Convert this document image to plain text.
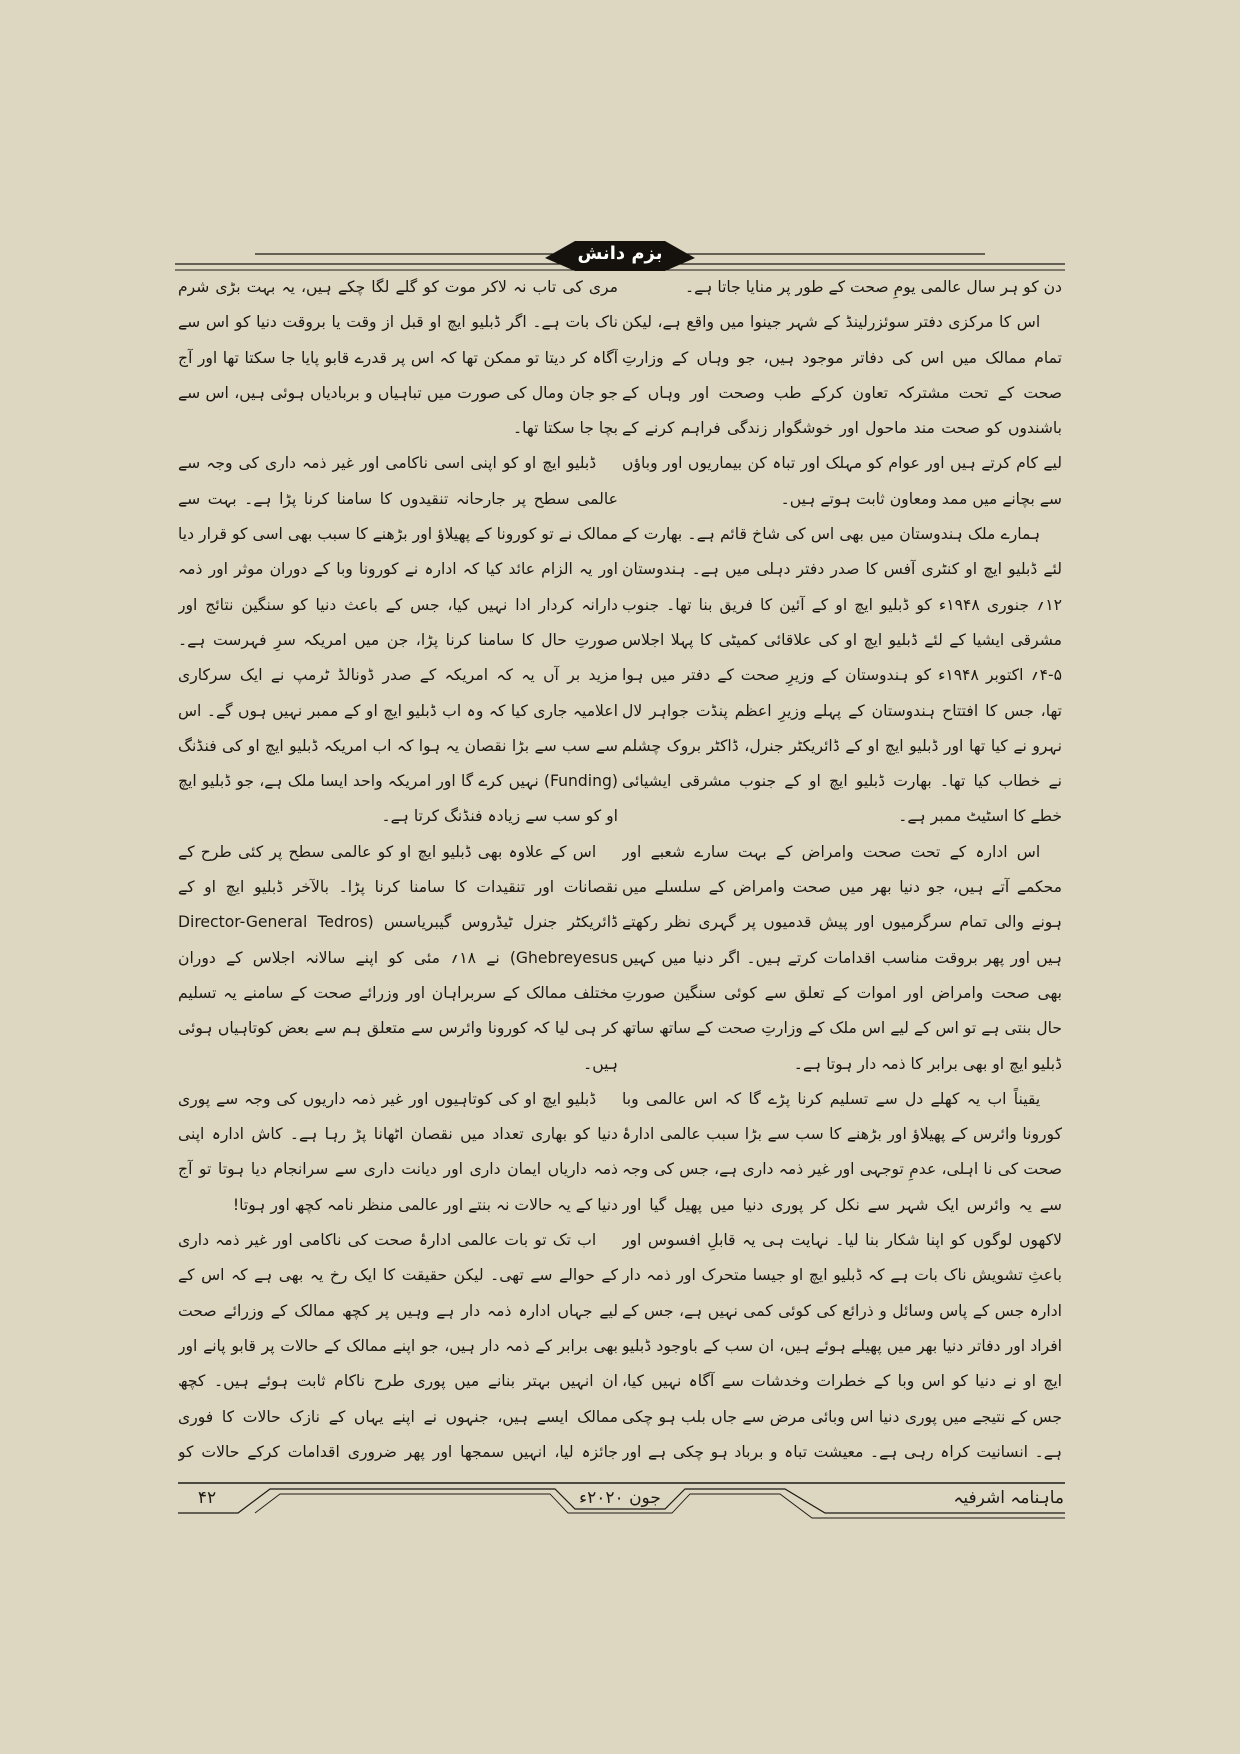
بزم دانش

دن کو ہر سال عالمی یومِ صحت کے طور پر منایا جاتا ہے۔

اس کا مرکزی دفتر سوئزرلینڈ کے شہر جینوا میں واقع ہے، لیکن تمام ممالک میں اس کی دفاتر موجود ہیں، جو وہاں کے وزارتِ صحت کے تحت مشترکہ تعاون کرکے طب وصحت اور وہاں کے باشندوں کو صحت مند ماحول اور خوشگوار زندگی فراہم کرنے کے لیے کام کرتے ہیں اور عوام کو مہلک اور تباہ کن بیماریوں اور وباؤں سے بچانے میں ممد ومعاون ثابت ہوتے ہیں۔

ہمارے ملک ہندوستان میں بھی اس کی شاخ قائم ہے۔ بھارت کے لئے ڈبلیو ایچ او کنٹری آفس کا صدر دفتر دہلی میں ہے۔ ہندوستان ۱۲؍ جنوری ۱۹۴۸ء کو ڈبلیو ایچ او کے آئین کا فریق بنا تھا۔ جنوب مشرقی ایشیا کے لئے ڈبلیو ایچ او کی علاقائی کمیٹی کا پہلا اجلاس ۵-۴؍ اکتوبر ۱۹۴۸ء کو ہندوستان کے وزیرِ صحت کے دفتر میں ہوا تھا، جس کا افتتاح ہندوستان کے پہلے وزیرِ اعظم پنڈت جواہر لال نہرو نے کیا تھا اور ڈبلیو ایچ او کے ڈائریکٹر جنرل، ڈاکٹر بروک چشلم نے خطاب کیا تھا۔ بھارت ڈبلیو ایچ او کے جنوب مشرقی ایشیائی خطے کا اسٹیٹ ممبر ہے۔

اس ادارہ کے تحت صحت وامراض کے بہت سارے شعبے اور محکمے آتے ہیں، جو دنیا بھر میں صحت وامراض کے سلسلے میں ہونے والی تمام سرگرمیوں اور پیش قدمیوں پر گہری نظر رکھتے ہیں اور پھر بروقت مناسب اقدامات کرتے ہیں۔ اگر دنیا میں کہیں بھی صحت وامراض اور اموات کے تعلق سے کوئی سنگین صورتِ حال بنتی ہے تو اس کے لیے اس ملک کے وزارتِ صحت کے ساتھ ساتھ ڈبلیو ایچ او بھی برابر کا ذمہ دار ہوتا ہے۔

یقیناً اب یہ کھلے دل سے تسلیم کرنا پڑے گا کہ اس عالمی وبا کورونا وائرس کے پھیلاؤ اور بڑھنے کا سب سے بڑا سبب عالمی ادارۂ صحت کی نا اہلی، عدمِ توجہی اور غیر ذمہ داری ہے، جس کی وجہ سے یہ وائرس ایک شہر سے نکل کر پوری دنیا میں پھیل گیا اور لاکھوں لوگوں کو اپنا شکار بنا لیا۔ نہایت ہی یہ قابلِ افسوس اور باعثِ تشویش ناک بات ہے کہ ڈبلیو ایچ او جیسا متحرک اور ذمہ دار ادارہ جس کے پاس وسائل و ذرائع کی کوئی کمی نہیں ہے، جس کے افراد اور دفاتر دنیا بھر میں پھیلے ہوئے ہیں، ان سب کے باوجود ڈبلیو ایچ او نے دنیا کو اس وبا کے خطرات وخدشات سے آگاہ نہیں کیا، جس کے نتیجے میں پوری دنیا اس وبائی مرض سے جاں بلب ہو چکی ہے۔ انسانیت کراہ رہی ہے۔ معیشت تباہ و برباد ہو چکی ہے اور

مری کی تاب نہ لاکر موت کو گلے لگا چکے ہیں، یہ بہت بڑی شرم ناک بات ہے۔ اگر ڈبلیو ایچ او قبل از وقت یا بروقت دنیا کو اس سے آگاہ کر دیتا تو ممکن تھا کہ اس پر قدرے قابو پایا جا سکتا تھا اور آج جو جان ومال کی صورت میں تباہیاں و بربادیاں ہوئی ہیں، اس سے بچا جا سکتا تھا۔

ڈبلیو ایچ او کو اپنی اسی ناکامی اور غیر ذمہ داری کی وجہ سے عالمی سطح پر جارحانہ تنقیدوں کا سامنا کرنا پڑا ہے۔ بہت سے ممالک نے تو کورونا کے پھیلاؤ اور بڑھنے کا سبب بھی اسی کو قرار دیا اور یہ الزام عائد کیا کہ ادارہ نے کورونا وبا کے دوران موثر اور ذمہ دارانہ کردار ادا نہیں کیا، جس کے باعث دنیا کو سنگین نتائج اور صورتِ حال کا سامنا کرنا پڑا، جن میں امریکہ سرِ فہرست ہے۔ مزید بر آں یہ کہ امریکہ کے صدر ڈونالڈ ٹرمپ نے ایک سرکاری اعلامیہ جاری کیا کہ وہ اب ڈبلیو ایچ او کے ممبر نہیں ہوں گے۔ اس سے سب سے بڑا نقصان یہ ہوا کہ اب امریکہ ڈبلیو ایچ او کی فنڈنگ (Funding) نہیں کرے گا اور امریکہ واحد ایسا ملک ہے، جو ڈبلیو ایچ او کو سب سے زیادہ فنڈنگ کرتا ہے۔

اس کے علاوہ بھی ڈبلیو ایچ او کو عالمی سطح پر کئی طرح کے نقصانات اور تنقیدات کا سامنا کرنا پڑا۔ بالآخر ڈبلیو ایچ او کے ڈائریکٹر جنرل ٹیڈروس گیبریاسس (Director-General Tedros Ghebreyesus) نے ۱۸؍ مئی کو اپنے سالانہ اجلاس کے دوران مختلف ممالک کے سربراہان اور وزرائے صحت کے سامنے یہ تسلیم کر ہی لیا کہ کورونا وائرس سے متعلق ہم سے بعض کوتاہیاں ہوئی ہیں۔

ڈبلیو ایچ او کی کوتاہیوں اور غیر ذمہ داریوں کی وجہ سے پوری دنیا کو بھاری تعداد میں نقصان اٹھانا پڑ رہا ہے۔ کاش ادارہ اپنی ذمہ داریاں ایمان داری اور دیانت داری سے سرانجام دیا ہوتا تو آج دنیا کے یہ حالات نہ بنتے اور عالمی منظر نامہ کچھ اور ہوتا!

اب تک تو بات عالمی ادارۂ صحت کی ناکامی اور غیر ذمہ داری کے حوالے سے تھی۔ لیکن حقیقت کا ایک رخ یہ بھی ہے کہ اس کے لیے جہاں ادارہ ذمہ دار ہے وہیں پر کچھ ممالک کے وزرائے صحت بھی برابر کے ذمہ دار ہیں، جو اپنے ممالک کے حالات پر قابو پانے اور ان انہیں بہتر بنانے میں پوری طرح ناکام ثابت ہوئے ہیں۔ کچھ ممالک ایسے ہیں، جنہوں نے اپنے یہاں کے نازک حالات کا فوری جائزہ لیا، انہیں سمجھا اور پھر ضروری اقدامات کرکے حالات کو

ماہنامہ اشرفیہ
جون ۲۰۲۰ء
۴۲
